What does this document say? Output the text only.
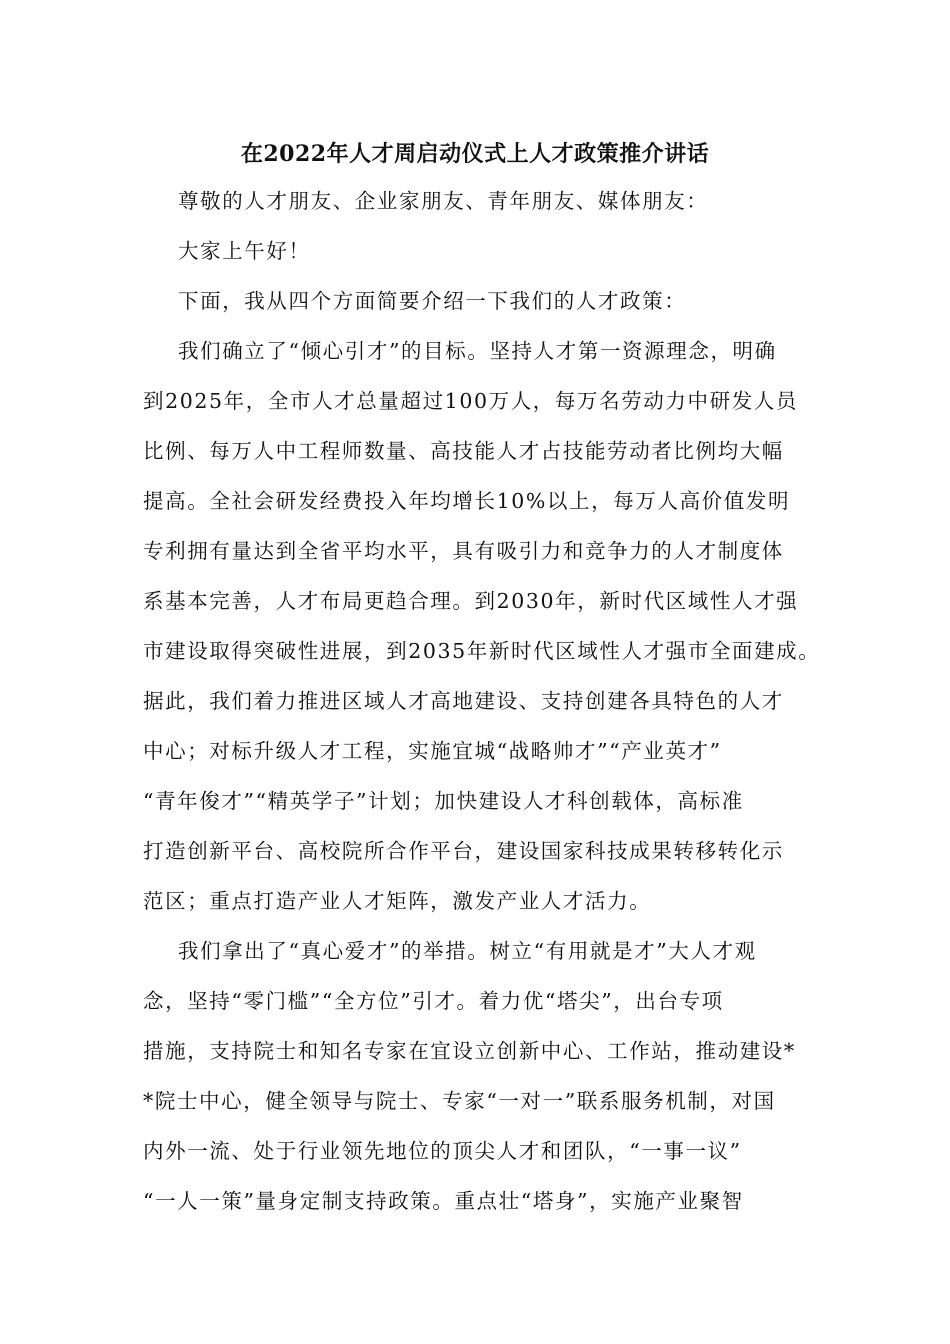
在2022年人才周启动仪式上人才政策推介讲话
尊敬的人才朋友、企业家朋友、青年朋友、媒体朋友：
大家上午好！
下面，我从四个方面简要介绍一下我们的人才政策：
我们确立了“倾心引才”的目标。坚持人才第一资源理念，明确
到2025年，全市人才总量超过100万人，每万名劳动力中研发人员
比例、每万人中工程师数量、高技能人才占技能劳动者比例均大幅
提高。全社会研发经费投入年均增长10%以上，每万人高价值发明
专利拥有量达到全省平均水平，具有吸引力和竞争力的人才制度体
系基本完善，人才布局更趋合理。到2030年，新时代区域性人才强
市建设取得突破性进展，到2035年新时代区域性人才强市全面建成。
据此，我们着力推进区域人才高地建设、支持创建各具特色的人才
中心；对标升级人才工程，实施宜城“战略帅才”“产业英才”
“青年俊才”“精英学子”计划；加快建设人才科创载体，高标准
打造创新平台、高校院所合作平台，建设国家科技成果转移转化示
范区；重点打造产业人才矩阵，激发产业人才活力。
我们拿出了“真心爱才”的举措。树立“有用就是才”大人才观
念，坚持“零门槛”“全方位”引才。着力优“塔尖”，出台专项
措施，支持院士和知名专家在宜设立创新中心、工作站，推动建设*
*院士中心，健全领导与院士、专家“一对一”联系服务机制，对国
内外一流、处于行业领先地位的顶尖人才和团队，“一事一议”
“一人一策”量身定制支持政策。重点壮“塔身”，实施产业聚智
